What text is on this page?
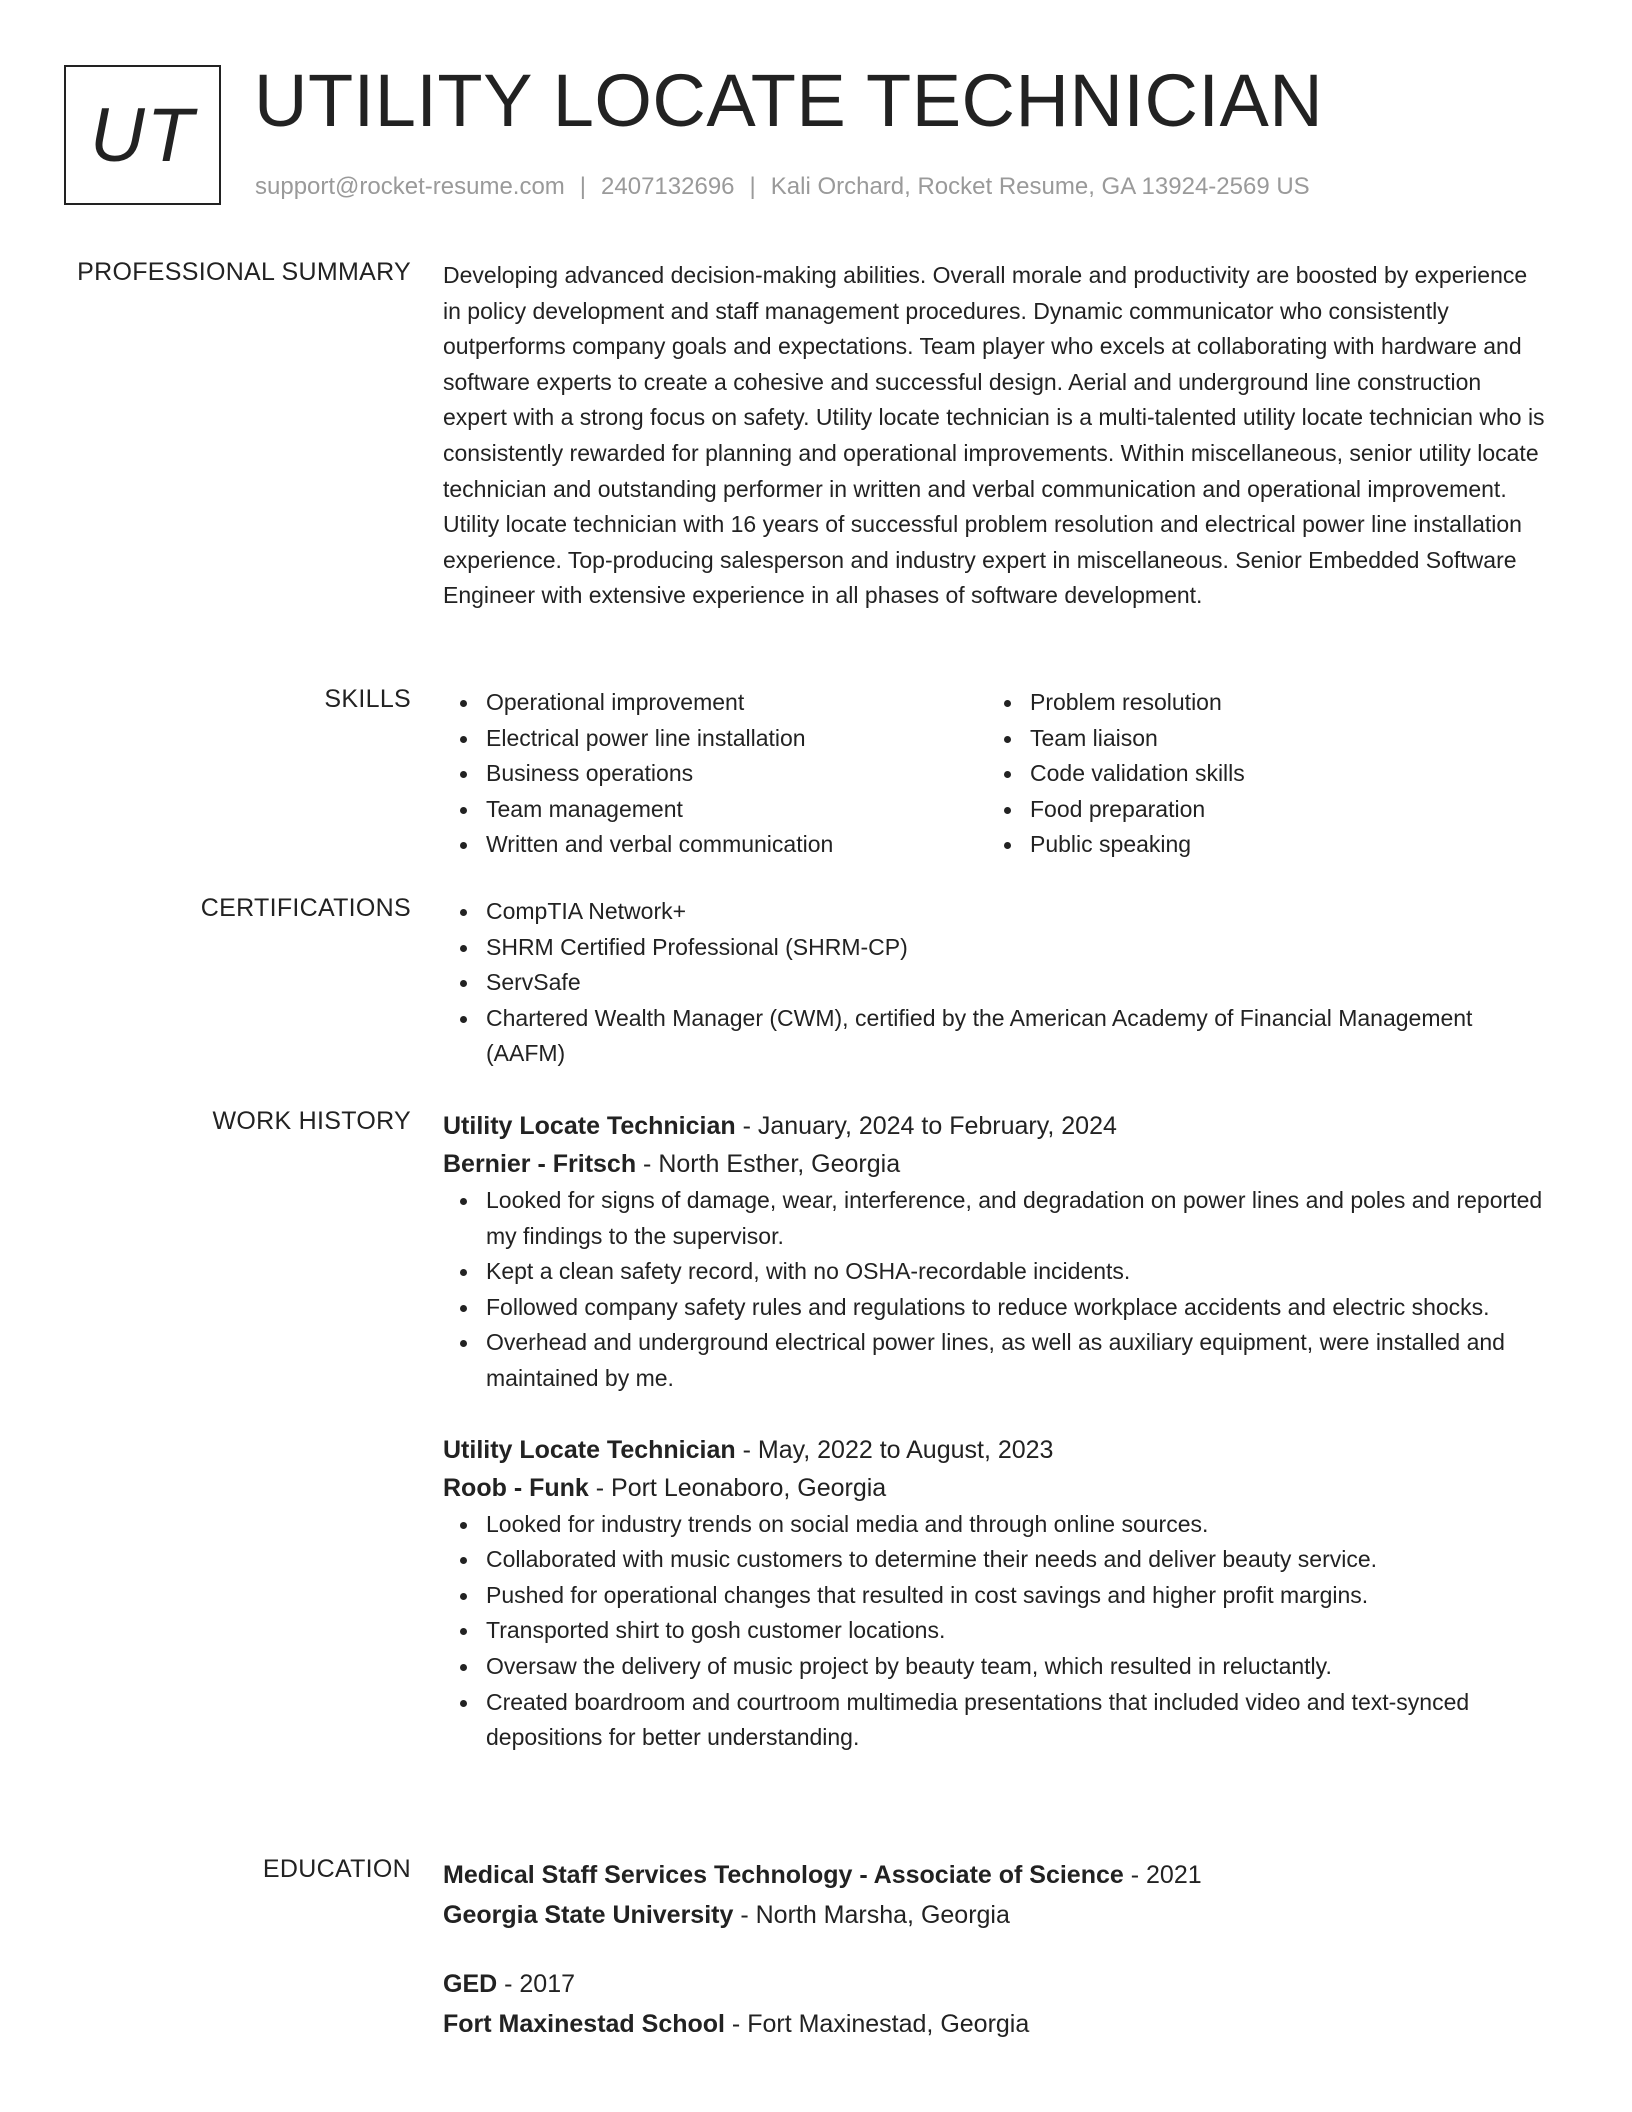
UT UTILITY LOCATE TECHNICIAN
support@rocket-resume.com | 2407132696 | Kali Orchard, Rocket Resume, GA 13924-2569 US
PROFESSIONAL SUMMARY Developing advanced decision-making abilities. Overall morale and productivity are boosted by experience in policy development and staff management procedures. Dynamic communicator who consistently outperforms company goals and expectations. Team player who excels at collaborating with hardware and software experts to create a cohesive and successful design. Aerial and underground line construction expert with a strong focus on safety. Utility locate technician is a multi-talented utility locate technician who is consistently rewarded for planning and operational improvements. Within miscellaneous, senior utility locate technician and outstanding performer in written and verbal communication and operational improvement. Utility locate technician with 16 years of successful problem resolution and electrical power line installation experience. Top-producing salesperson and industry expert in miscellaneous. Senior Embedded Software Engineer with extensive experience in all phases of software development.

SKILLS	Operational improvement
Electrical power line installation
Business operations
Team management
Written and verbal communication
Problem resolution
Team liaison
Code validation skills
Food preparation
Public speaking
CERTIFICATIONS	CompTIA Network+
SHRM Certified Professional (SHRM-CP)
ServSafe
Chartered Wealth Manager (CWM), certified by the American Academy of Financial Management (AAFM)
WORK HISTORY Utility Locate Technician - January, 2024 to February, 2024
Bernier - Fritsch - North Esther, Georgia
Looked for signs of damage, wear, interference, and degradation on power lines and poles and reported my findings to the supervisor.
Kept a clean safety record, with no OSHA-recordable incidents.
Followed company safety rules and regulations to reduce workplace accidents and electric shocks.
Overhead and underground electrical power lines, as well as auxiliary equipment, were installed and maintained by me.
Utility Locate Technician - May, 2022 to August, 2023
Roob - Funk - Port Leonaboro, Georgia
Looked for industry trends on social media and through online sources.
Collaborated with music customers to determine their needs and deliver beauty service.
Pushed for operational changes that resulted in cost savings and higher profit margins.
Transported shirt to gosh customer locations.
Oversaw the delivery of music project by beauty team, which resulted in reluctantly.
Created boardroom and courtroom multimedia presentations that included video and text-synced depositions for better understanding.
EDUCATION Medical Staff Services Technology - Associate of Science - 2021
Georgia State University - North Marsha, Georgia
GED - 2017
Fort Maxinestad School - Fort Maxinestad, Georgia
